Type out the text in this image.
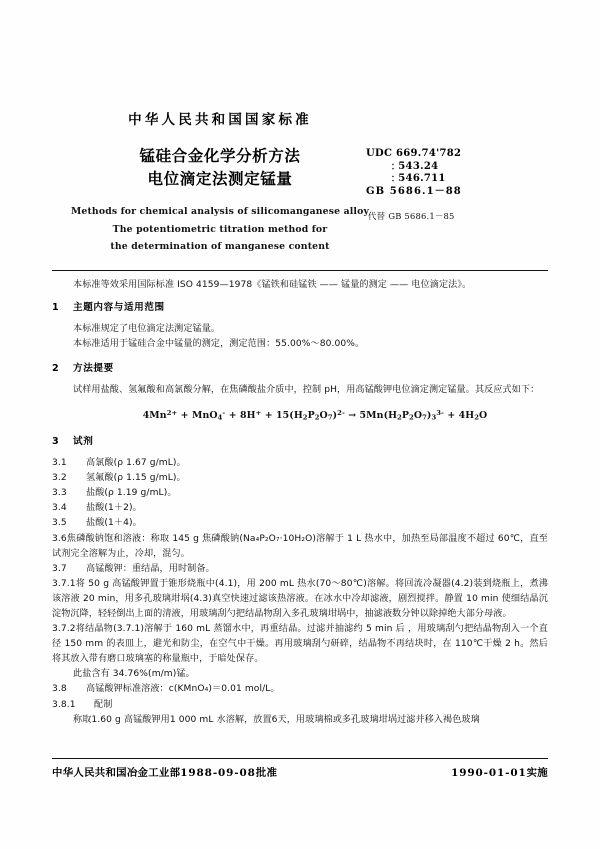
中华人民共和国国家标准
锰硅合金化学分析方法
电位滴定法测定锰量
Methods for chemical analysis of silicomanganese alloy
The potentiometric titration method for
the determination of manganese content
UDC 669.74'782
﹕543.24
﹕546.711
GB 5686.1－88
代替 GB 5686.1－85

本标准等效采用国际标准 ISO 4159—1978《锰铁和硅锰铁 —— 锰量的测定 —— 电位滴定法》。

1 主题内容与适用范围

本标准规定了电位滴定法测定锰量。

本标准适用于锰硅合金中锰量的测定，测定范围：55.00%～80.00%。

2 方法提要

试样用盐酸、氢氟酸和高氯酸分解，在焦磷酸盐介质中，控制 pH，用高锰酸钾电位滴定测定锰量。其反应式如下：

$4Mn^{2+} + MnO_4^- + 8H^+ + 15(H_2P_2O_7)^{2-} \to 5Mn(H_2P_2O_7)_3^{3-} + 4H_2O$

3 试剂

3.1 高氯酸(ρ 1.67 g/mL)。

3.2 氢氟酸(ρ 1.15 g/mL)。

3.3 盐酸(ρ 1.19 g/mL)。

3.4 盐酸(1＋2)。

3.5 盐酸(1＋4)。

3.6焦磷酸钠饱和溶液：称取 145 g 焦磷酸钠(Na₄P₂O₇·10H₂O)溶解于 1 L 热水中，加热至局部温度不超过 60℃，直至试剂完全溶解为止，冷却，混匀。

3.7 高锰酸钾：重结晶，用时制备。

3.7.1将 50 g 高锰酸钾置于锥形烧瓶中(4.1)，用 200 mL 热水(70～80℃)溶解。将回流冷凝器(4.2)装到烧瓶上，煮沸该溶液 20 min，用多孔玻璃坩埚(4.3)真空快速过滤该热溶液。在冰水中冷却滤液，剧烈搅拌。静置 10 min 使细结晶沉淀物沉降，轻轻倒出上面的清液，用玻璃刮勺把结晶物刮入多孔玻璃坩埚中，抽滤液数分钟以除掉绝大部分母液。

3.7.2将结晶物(3.7.1)溶解于 160 mL 蒸馏水中，再重结晶。过滤并抽滤约 5 min 后 ，用玻璃刮勺把结晶物刮入一个直径 150 mm 的表皿上，避光和防尘，在空气中干燥。再用玻璃刮勺研碎，结晶物不再结块时，在 110℃干燥 2 h。然后将其放入带有磨口玻璃塞的称量瓶中，于暗处保存。

此盐含有 34.76%(m/m)锰。

3.8 高锰酸钾标准溶液：c(KMnO₄)＝0.01 mol/L。

3.8.1 配制

称取1.60 g 高锰酸钾用1 000 mL 水溶解，放置6天，用玻璃棉或多孔玻璃坩埚过滤并移入褐色玻璃

中华人民共和国冶金工业部1988-09-08批准	1990-01-01实施
